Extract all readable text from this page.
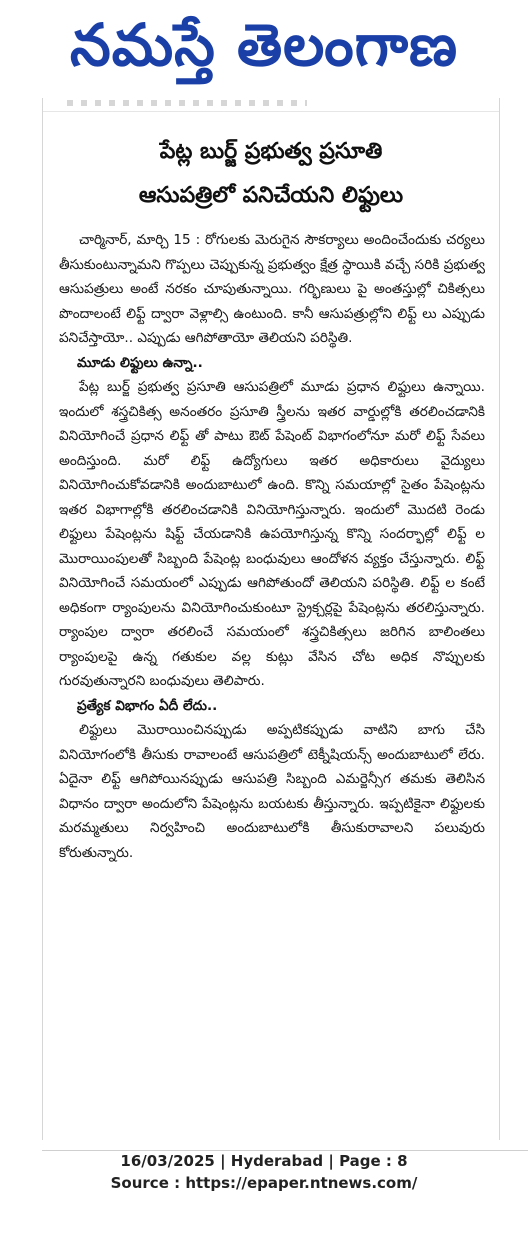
నమస్తే తెలంగాణ
పేట్ల బుర్జ్ ప్రభుత్వ ప్రసూతి
ఆసుపత్రిలో పనిచేయని లిఫ్టులు

చార్మినార్, మార్చి 15 : రోగులకు మెరుగైన సౌకర్యాలు అందించేందుకు చర్యలు తీసుకుంటున్నామని గొప్పలు చెప్పుకున్న ప్రభుత్వం క్షేత్ర స్థాయికి వచ్చే సరికి ప్రభుత్వ ఆసుపత్రులు అంటే నరకం చూపుతున్నాయి. గర్భిణులు పై అంతస్తుల్లో చికిత్సలు పొందాలంటే లిఫ్ట్ ద్వారా వెళ్లాల్సి ఉంటుంది. కానీ ఆసుపత్రుల్లోని లిఫ్ట్ లు ఎప్పుడు పనిచేస్తాయో.. ఎప్పుడు ఆగిపోతాయో తెలియని పరిస్థితి.

మూడు లిఫ్టులు ఉన్నా..

పేట్ల బుర్జ్ ప్రభుత్వ ప్రసూతి ఆసుపత్రిలో మూడు ప్రధాన లిఫ్టులు ఉన్నాయి. ఇందులో శస్త్రచికిత్స అనంతరం ప్రసూతి స్త్రీలను ఇతర వార్డుల్లోకి తరలించడానికి వినియోగించే ప్రధాన లిఫ్ట్ తో పాటు ఔట్ పేషెంట్ విభాగంలోనూ మరో లిఫ్ట్ సేవలు అందిస్తుంది. మరో లిఫ్ట్ ఉద్యోగులు ఇతర అధికారులు వైద్యులు వినియోగించుకోవడానికి అందుబాటులో ఉంది. కొన్ని సమయాల్లో సైతం పేషెంట్లను ఇతర విభాగాల్లోకి తరలించడానికి వినియోగిస్తున్నారు. ఇందులో మొదటి రెండు లిఫ్టులు పేషెంట్లను షిఫ్ట్ చేయడానికి ఉపయోగిస్తున్న కొన్ని సందర్భాల్లో లిఫ్ట్ ల మొరాయింపులతో సిబ్బంది పేషెంట్ల బంధువులు ఆందోళన వ్యక్తం చేస్తున్నారు. లిఫ్ట్ వినియోగించే సమయంలో ఎప్పుడు ఆగిపోతుందో తెలియని పరిస్థితి. లిఫ్ట్ ల కంటే అధికంగా ర్యాంపులను వినియోగించుకుంటూ స్ట్రెక్చర్లపై పేషెంట్లను తరలిస్తున్నారు. ర్యాంపుల ద్వారా తరలించే సమయంలో శస్త్రచికిత్సలు జరిగిన బాలింతలు ర్యాంపులపై ఉన్న గతుకుల వల్ల కుట్లు వేసిన చోట అధిక నొప్పులకు గురవుతున్నారని బంధువులు తెలిపారు.

ప్రత్యేక విభాగం ఏదీ లేదు..

లిఫ్టులు మొరాయించినప్పుడు అప్పటికప్పుడు వాటిని బాగు చేసి వినియోగంలోకి తీసుకు రావాలంటే ఆసుపత్రిలో టెక్నీషియన్స్ అందుబాటులో లేరు. ఏదైనా లిఫ్ట్ ఆగిపోయినప్పుడు ఆసుపత్రి సిబ్బంది ఎమర్జెన్సీగ తమకు తెలిసిన విధానం ద్వారా అందులోని పేషెంట్లను బయటకు తీస్తున్నారు. ఇప్పటికైనా లిఫ్టులకు మరమ్మతులు నిర్వహించి అందుబాటులోకి తీసుకురావాలని పలువురు కోరుతున్నారు.

16/03/2025 | Hyderabad | Page : 8
Source : https://epaper.ntnews.com/
